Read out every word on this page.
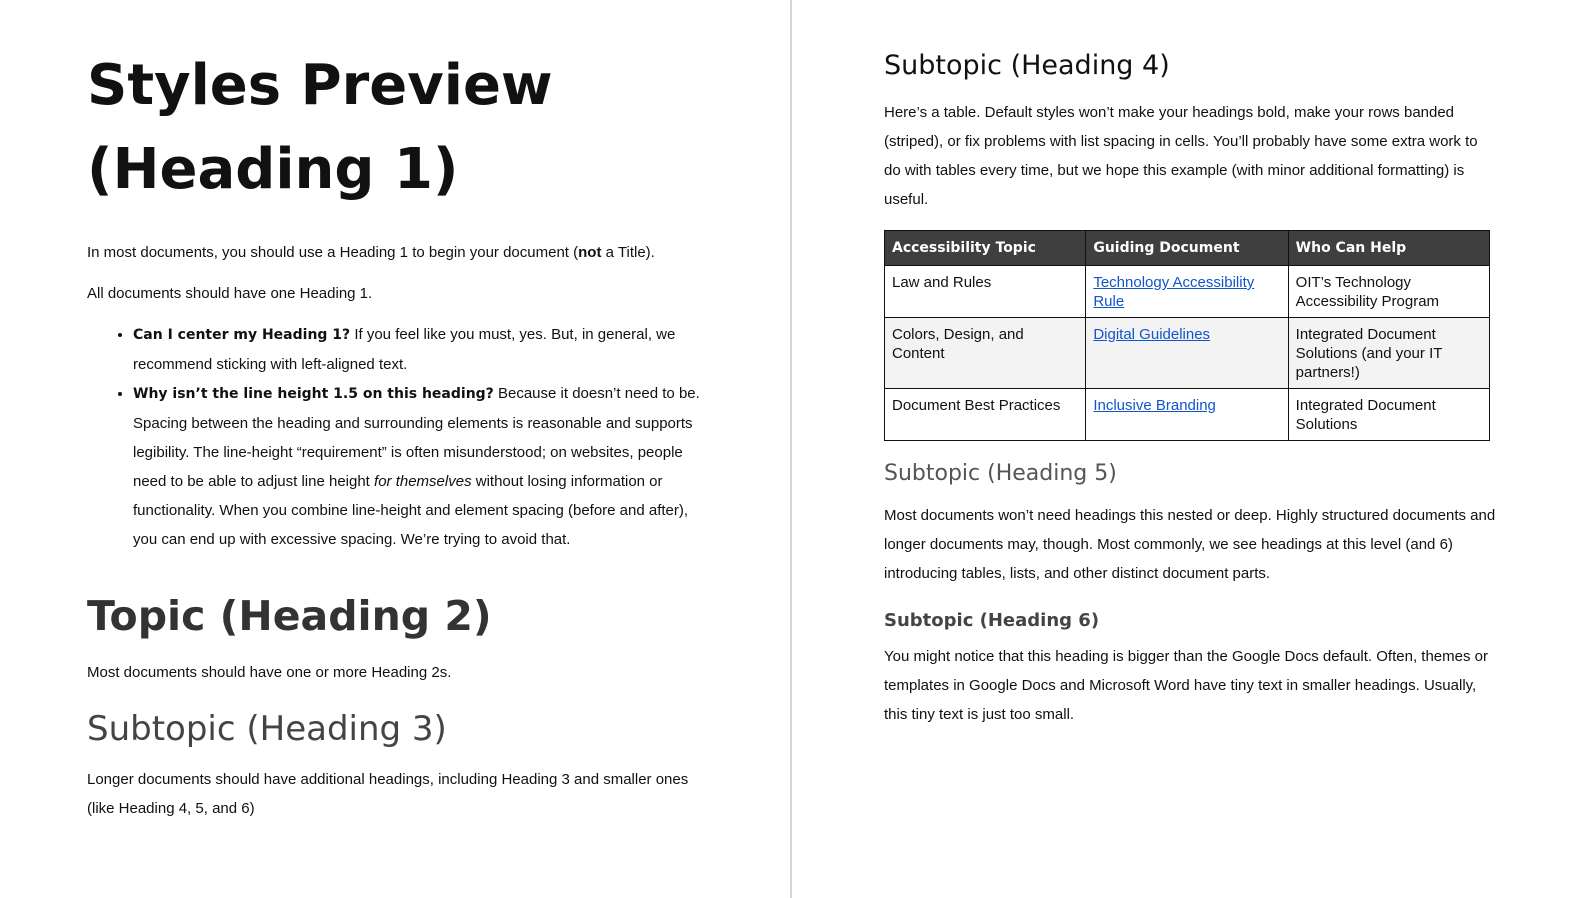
Styles Preview (Heading 1)

In most documents, you should use a Heading 1 to begin your document (not a Title).

All documents should have one Heading 1.

• Can I center my Heading 1? If you feel like you must, yes. But, in general, we recommend sticking with left-aligned text.
• Why isn’t the line height 1.5 on this heading? Because it doesn’t need to be. Spacing between the heading and surrounding elements is reasonable and supports legibility. The line-height “requirement” is often misunderstood; on websites, people need to be able to adjust line height for themselves without losing information or functionality. When you combine line-height and element spacing (before and after), you can end up with excessive spacing. We’re trying to avoid that.
Topic (Heading 2)

Most documents should have one or more Heading 2s.

Subtopic (Heading 3)

Longer documents should have additional headings, including Heading 3 and smaller ones (like Heading 4, 5, and 6)

Subtopic (Heading 4)

Here’s a table. Default styles won’t make your headings bold, make your rows banded (striped), or fix problems with list spacing in cells. You’ll probably have some extra work to do with tables every time, but we hope this example (with minor additional formatting) is useful.

Accessibility Topic	Guiding Document	Who Can Help
Law and Rules	Technology Accessibility Rule	OIT’s Technology Accessibility Program
Colors, Design, and Content	Digital Guidelines	Integrated Document Solutions (and your IT partners!)
Document Best Practices	Inclusive Branding	Integrated Document Solutions
Subtopic (Heading 5)

Most documents won’t need headings this nested or deep. Highly structured documents and longer documents may, though. Most commonly, we see headings at this level (and 6) introducing tables, lists, and other distinct document parts.

Subtopic (Heading 6)

You might notice that this heading is bigger than the Google Docs default. Often, themes or templates in Google Docs and Microsoft Word have tiny text in smaller headings. Usually, this tiny text is just too small.
